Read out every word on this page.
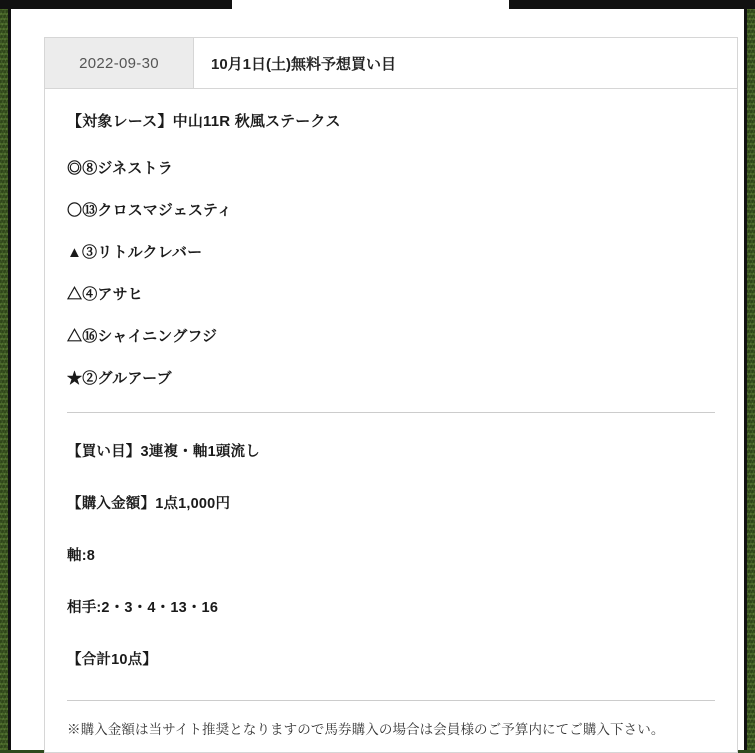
2022-09-30	10月1日(土)無料予想買い目

【対象レース】中山11R 秋風ステークス

◎⑧ジネストラ

〇⑬クロスマジェスティ

▲③リトルクレバー

△④アサヒ

△⑯シャイニングフジ

★②グルアーブ

【買い目】3連複・軸1頭流し

【購入金額】1点1,000円

軸:8

相手:2・3・4・13・16

【合計10点】

※購入金額は当サイト推奨となりますので馬券購入の場合は会員様のご予算内にてご購入下さい。
